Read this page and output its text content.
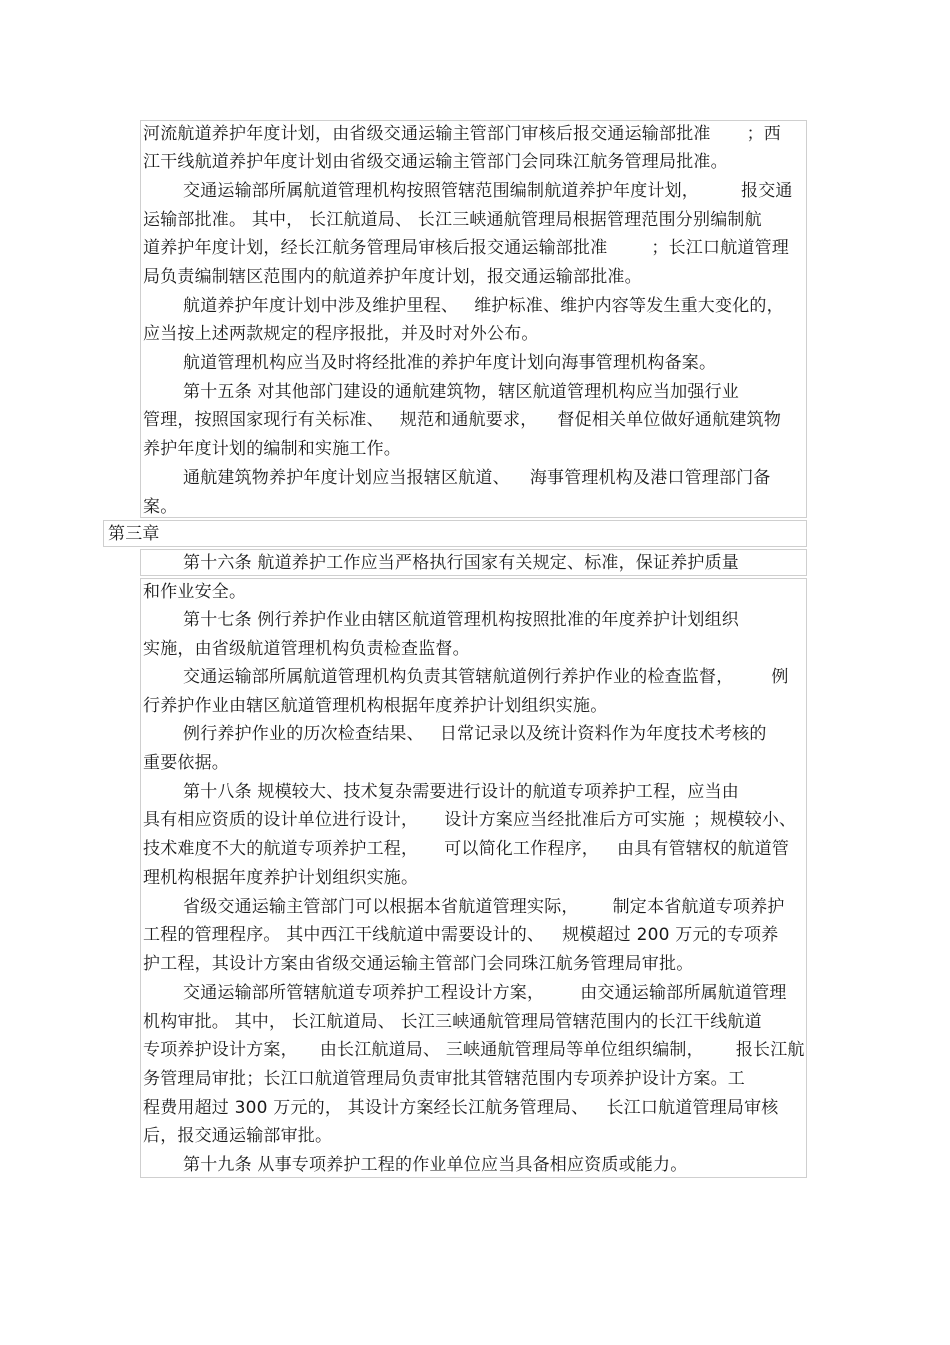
河流航道养护年度计划，由省级交通运输主管部门审核后报交通运输部批准 ；西
江干线航道养护年度计划由省级交通运输主管部门会同珠江航务管理局批准。
交通运输部所属航道管理机构按照管辖范围编制航道养护年度计划， 报交通
运输部批准。 其中， 长江航道局、 长江三峡通航管理局根据管理范围分别编制航
道养护年度计划，经长江航务管理局审核后报交通运输部批准	；长江口航道管理
局负责编制辖区范围内的航道养护年度计划，报交通运输部批准。
航道养护年度计划中涉及维护里程、 维护标准、维护内容等发生重大变化的，
应当按上述两款规定的程序报批，并及时对外公布。
航道管理机构应当及时将经批准的养护年度计划向海事管理机构备案。
第十五条 对其他部门建设的通航建筑物，辖区航道管理机构应当加强行业
管理，按照国家现行有关标准、 规范和通航要求， 督促相关单位做好通航建筑物
养护年度计划的编制和实施工作。
通航建筑物养护年度计划应当报辖区航道、 海事管理机构及港口管理部门备
案。
第十六条 航道养护工作应当严格执行国家有关规定、标准，保证养护质量
和作业安全。
第十七条 例行养护作业由辖区航道管理机构按照批准的年度养护计划组织
实施，由省级航道管理机构负责检查监督。
交通运输部所属航道管理机构负责其管辖航道例行养护作业的检查监督， 例
行养护作业由辖区航道管理机构根据年度养护计划组织实施。
例行养护作业的历次检查结果、 日常记录以及统计资料作为年度技术考核的
重要依据。
第十八条 规模较大、技术复杂需要进行设计的航道专项养护工程，应当由
具有相应资质的设计单位进行设计， 设计方案应当经批准后方可实施 ；规模较小、
技术难度不大的航道专项养护工程， 可以简化工作程序， 由具有管辖权的航道管
理机构根据年度养护计划组织实施。
省级交通运输主管部门可以根据本省航道管理实际， 制定本省航道专项养护
工程的管理程序。 其中西江干线航道中需要设计的、 规模超过 200 万元的专项养
护工程，其设计方案由省级交通运输主管部门会同珠江航务管理局审批。
交通运输部所管辖航道专项养护工程设计方案， 由交通运输部所属航道管理
机构审批。 其中， 长江航道局、 长江三峡通航管理局管辖范围内的长江干线航道
专项养护设计方案， 由长江航道局、 三峡通航管理局等单位组织编制， 报长江航
务管理局审批；长江口航道管理局负责审批其管辖范围内专项养护设计方案。工
程费用超过 300 万元的， 其设计方案经长江航务管理局、 长江口航道管理局审核
后，报交通运输部审批。
第十九条 从事专项养护工程的作业单位应当具备相应资质或能力。
第三章
